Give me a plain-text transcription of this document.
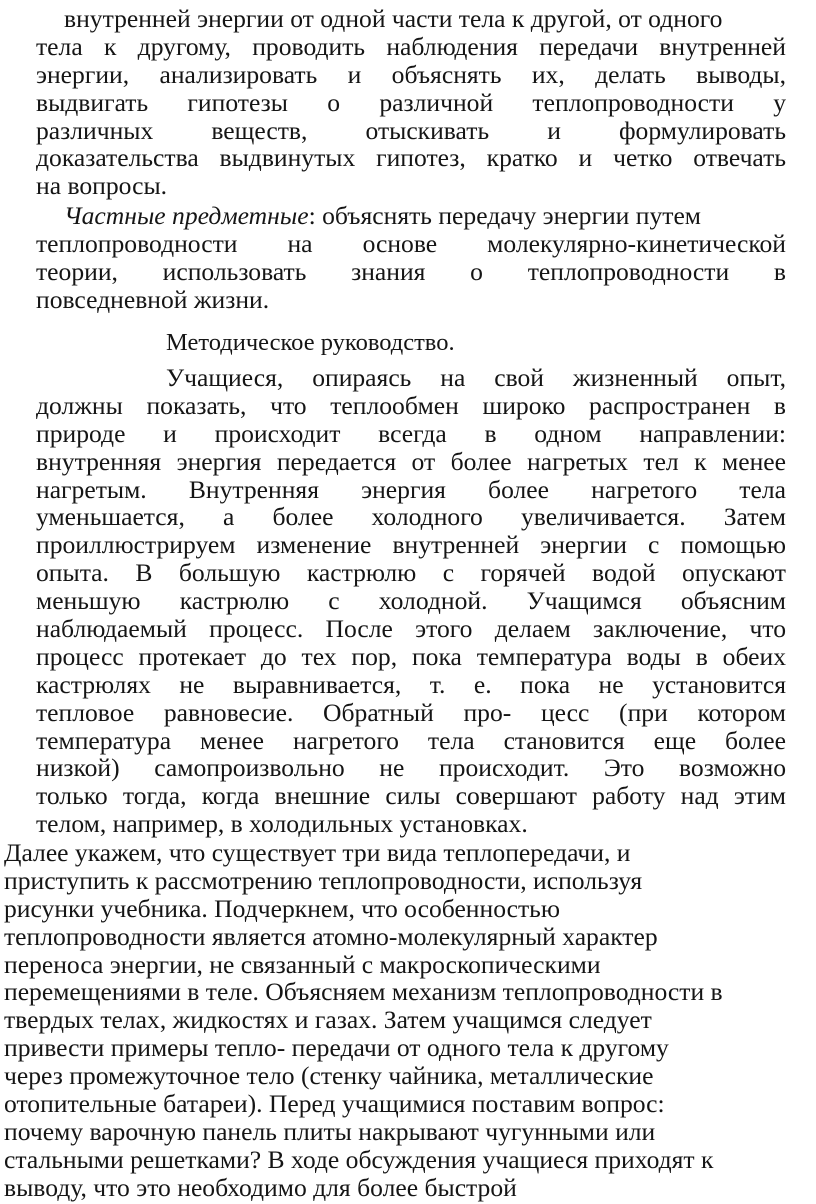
внутренней энергии от одной части тела к другой, от одного
тела к другому, проводить наблюдения передачи внутренней
энергии, анализировать и объяснять их, делать выводы,
выдвигать гипотезы о различной теплопроводности у
различных веществ, отыскивать и формулировать
доказательства выдвинутых гипотез, кратко и четко отвечать
на вопросы.
Частные предметные: объяснять передачу энергии путем
теплопроводности на основе молекулярно-кинетической
теории, использовать знания о теплопроводности в
повседневной жизни.
Методическое руководство.
Учащиеся, опираясь на свой жизненный опыт,
должны показать, что теплообмен широко распространен в
природе и происходит всегда в одном направлении:
внутренняя энергия передается от более нагретых тел к менее
нагретым. Внутренняя энергия более нагретого тела
уменьшается, а более холодного увеличивается. Затем
проиллюстрируем изменение внутренней энергии с помощью
опыта. В большую кастрюлю с горячей водой опускают
меньшую кастрюлю с холодной. Учащимся объясним
наблюдаемый процесс. После этого делаем заключение, что
процесс протекает до тех пор, пока температура воды в обеих
кастрюлях не выравнивается, т. е. пока не установится
тепловое равновесие. Обратный про- цесс (при котором
температура менее нагретого тела становится еще более
низкой) самопроизвольно не происходит. Это возможно
только тогда, когда внешние силы совершают работу над этим
телом, например, в холодильных установках.
Далее укажем, что существует три вида теплопередачи, и
приступить к рассмотрению теплопроводности, используя
рисунки учебника. Подчеркнем, что особенностью
теплопроводности является атомно-молекулярный характер
переноса энергии, не связанный с макроскопическими
перемещениями в теле. Объясняем механизм теплопроводности в
твердых телах, жидкостях и газах. Затем учащимся следует
привести примеры тепло- передачи от одного тела к другому
через промежуточное тело (стенку чайника, металлические
отопительные батареи). Перед учащимися поставим вопрос:
почему варочную панель плиты накрывают чугунными или
стальными решетками? В ходе обсуждения учащиеся приходят к
выводу, что это необходимо для более быстрой
